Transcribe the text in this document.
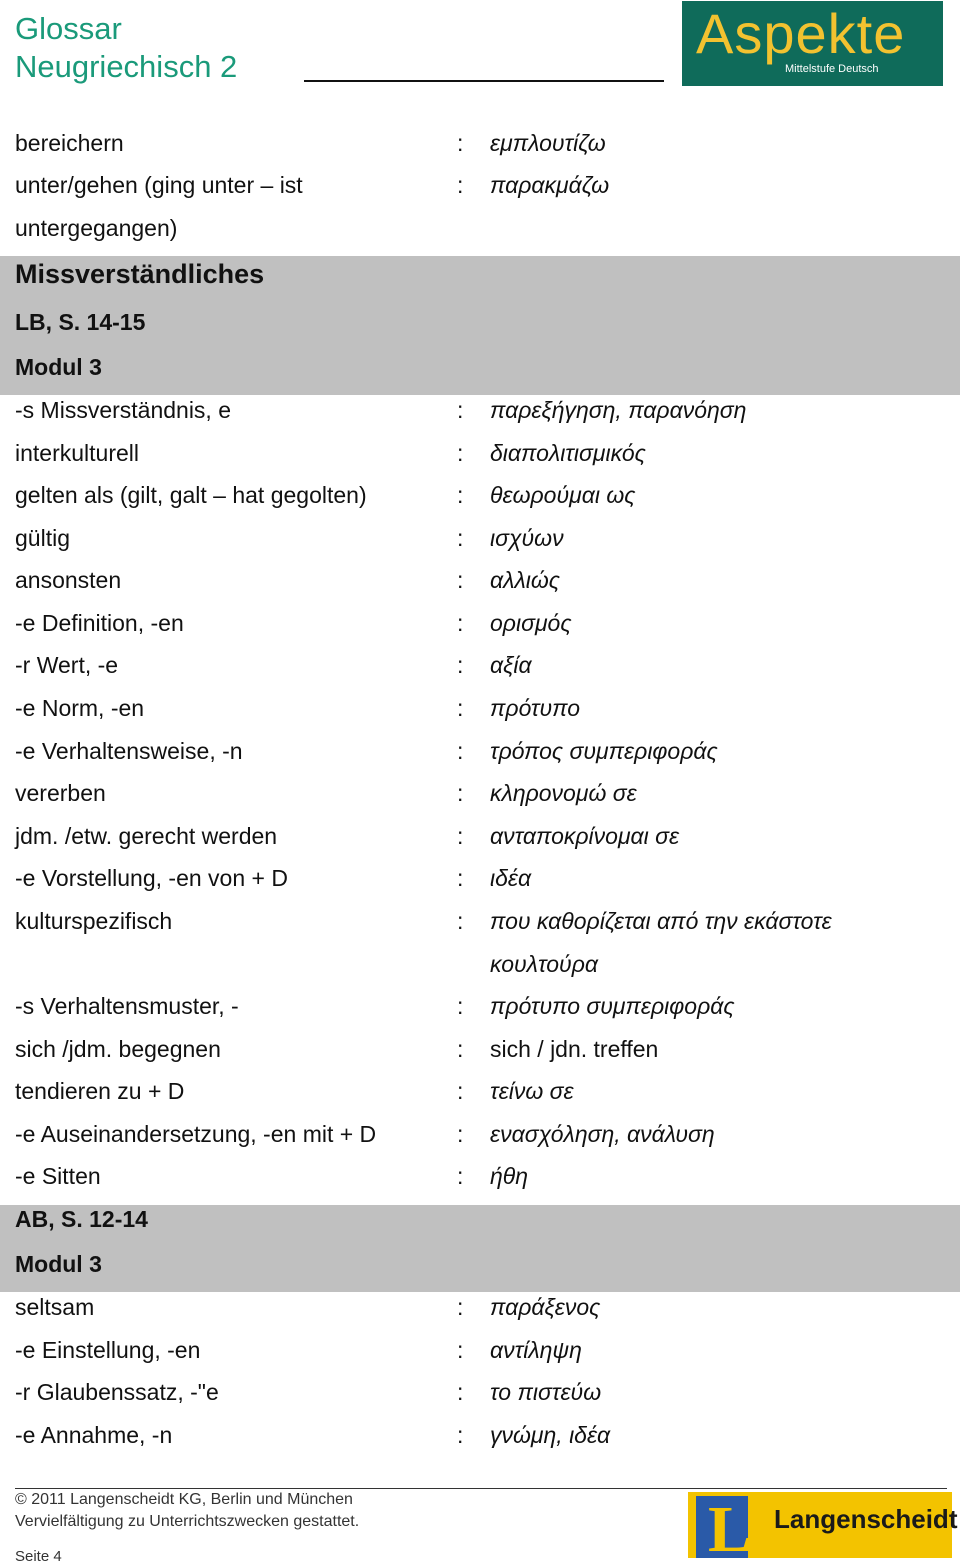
Glossar
Neugriechisch 2
Aspekte
Mittelstufe Deutsch
bereichern	: εμπλουτίζω
unter/gehen (ging unter – ist	: παρακμάζω
untergegangen)
Missverständliches
LB, S. 14-15
Modul 3
-s Missverständnis, e	: παρεξήγηση, παρανόηση
interkulturell	: διαπολιτισμικός
gelten als (gilt, galt – hat gegolten)	: θεωρούμαι ως
gültig	: ισχύων
ansonsten	: αλλιώς
-e Definition, -en	: ορισμός
-r Wert, -e	: αξία
-e Norm, -en	: πρότυπο
-e Verhaltensweise, -n	: τρόπος συμπεριφοράς
vererben	: κληρονομώ σε
jdm. /etw. gerecht werden	: ανταποκρίνομαι σε
-e Vorstellung, -en von + D	: ιδέα
kulturspezifisch	: που καθορίζεται από την εκάστοτε
κουλτούρα
-s Verhaltensmuster, -	: πρότυπο συμπεριφοράς
sich /jdm. begegnen	: sich / jdn. treffen
tendieren zu + D	: τείνω σε
-e Auseinandersetzung, -en mit + D	: ενασχόληση, ανάλυση
-e Sitten	: ήθη
AB, S. 12-14
Modul 3
seltsam	: παράξενος
-e Einstellung, -en	: αντίληψη
-r Glaubenssatz, -"e	: το πιστεύω
-e Annahme, -n	: γνώμη, ιδέα
© 2011 Langenscheidt KG, Berlin und München
Vervielfältigung zu Unterrichtszwecken gestattet.
Seite 4	L Langenscheidt
